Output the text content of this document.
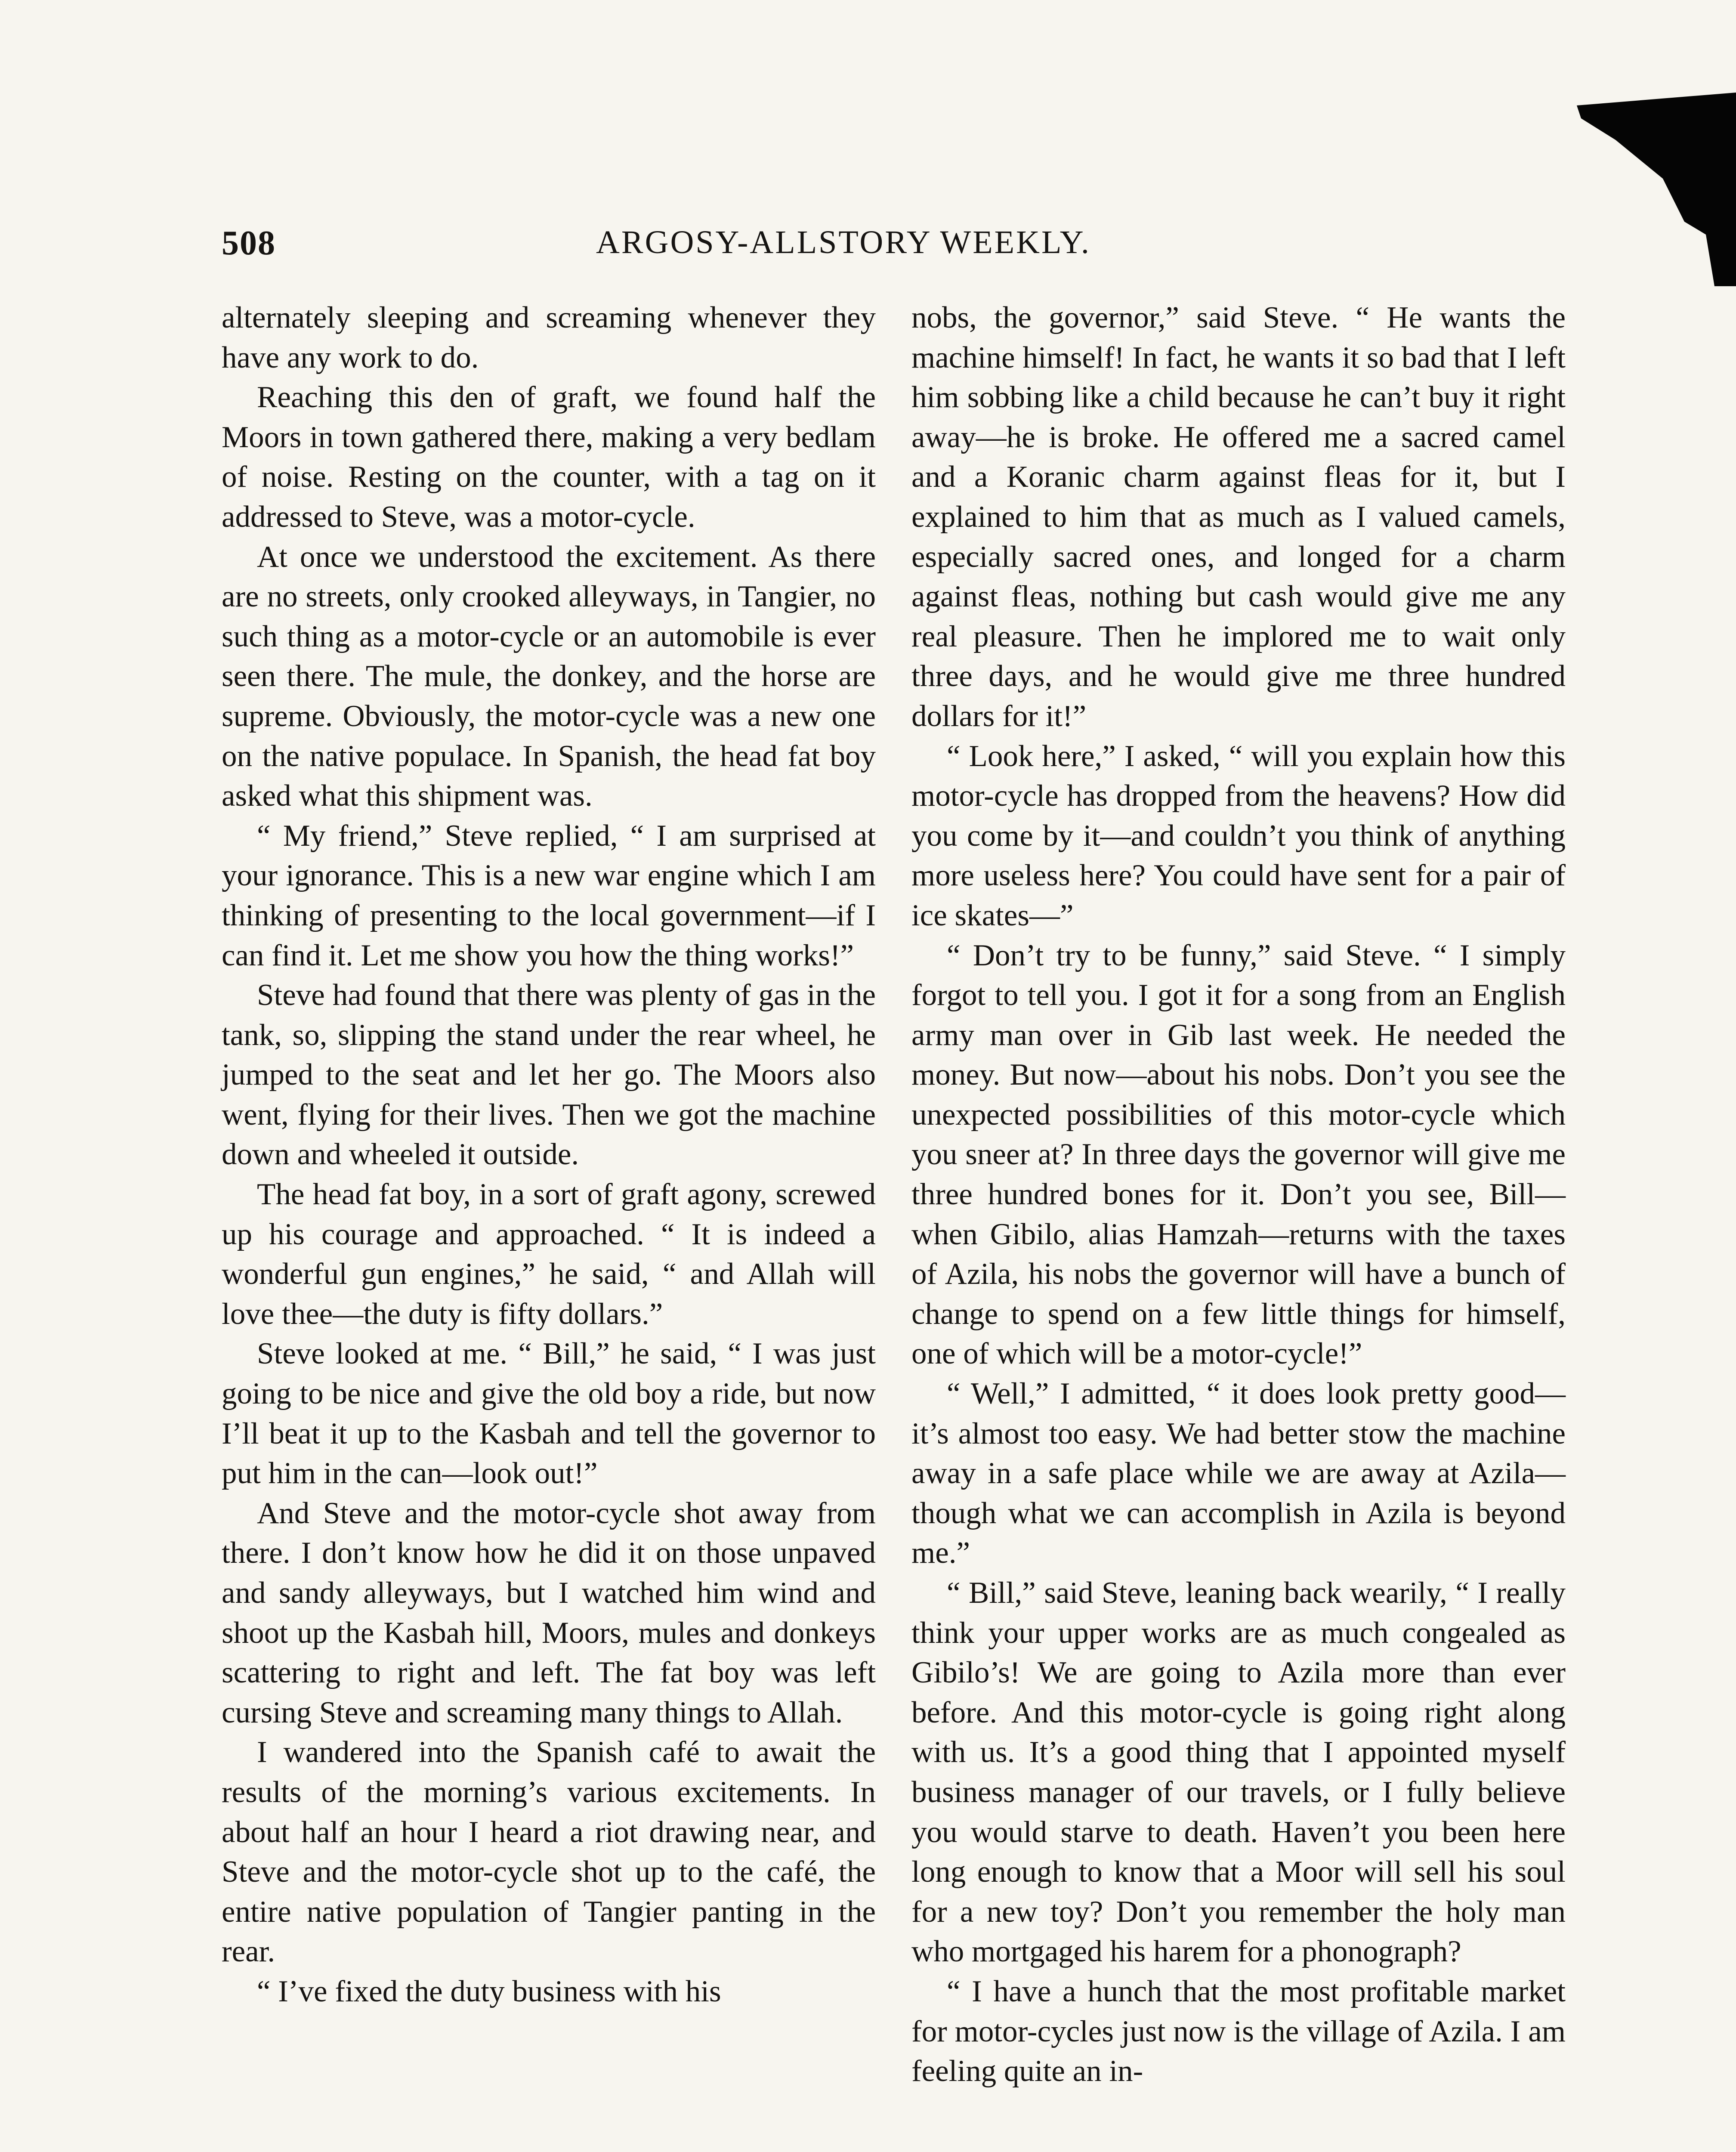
508	ARGOSY-ALLSTORY WEEKLY.

alternately sleeping and screaming whenever they have any work to do.

Reaching this den of graft, we found half the Moors in town gathered there, making a very bedlam of noise. Resting on the counter, with a tag on it addressed to Steve, was a motor-cycle.

At once we understood the excitement. As there are no streets, only crooked alleyways, in Tangier, no such thing as a motor-cycle or an automobile is ever seen there. The mule, the donkey, and the horse are supreme. Obviously, the motor-cycle was a new one on the native populace. In Spanish, the head fat boy asked what this shipment was.

“ My friend,” Steve replied, “ I am surprised at your ignorance. This is a new war engine which I am thinking of presenting to the local government—if I can find it. Let me show you how the thing works!”

Steve had found that there was plenty of gas in the tank, so, slipping the stand under the rear wheel, he jumped to the seat and let her go. The Moors also went, flying for their lives. Then we got the machine down and wheeled it outside.

The head fat boy, in a sort of graft agony, screwed up his courage and approached. “ It is indeed a wonderful gun engines,” he said, “ and Allah will love thee—the duty is fifty dollars.”

Steve looked at me. “ Bill,” he said, “ I was just going to be nice and give the old boy a ride, but now I’ll beat it up to the Kasbah and tell the governor to put him in the can—look out!”

And Steve and the motor-cycle shot away from there. I don’t know how he did it on those unpaved and sandy alleyways, but I watched him wind and shoot up the Kasbah hill, Moors, mules and donkeys scattering to right and left. The fat boy was left cursing Steve and screaming many things to Allah.

I wandered into the Spanish café to await the results of the morning’s various excitements. In about half an hour I heard a riot drawing near, and Steve and the motor-cycle shot up to the café, the entire native population of Tangier panting in the rear.

“ I’ve fixed the duty business with his

nobs, the governor,” said Steve. “ He wants the machine himself! In fact, he wants it so bad that I left him sobbing like a child because he can’t buy it right away—he is broke. He offered me a sacred camel and a Koranic charm against fleas for it, but I explained to him that as much as I valued camels, especially sacred ones, and longed for a charm against fleas, nothing but cash would give me any real pleasure. Then he implored me to wait only three days, and he would give me three hundred dollars for it!”

“ Look here,” I asked, “ will you explain how this motor-cycle has dropped from the heavens? How did you come by it—and couldn’t you think of anything more useless here? You could have sent for a pair of ice skates—”

“ Don’t try to be funny,” said Steve. “ I simply forgot to tell you. I got it for a song from an English army man over in Gib last week. He needed the money. But now—about his nobs. Don’t you see the unexpected possibilities of this motor-cycle which you sneer at? In three days the governor will give me three hundred bones for it. Don’t you see, Bill—when Gibilo, alias Hamzah—returns with the taxes of Azila, his nobs the governor will have a bunch of change to spend on a few little things for himself, one of which will be a motor-cycle!”

“ Well,” I admitted, “ it does look pretty good—it’s almost too easy. We had better stow the machine away in a safe place while we are away at Azila—though what we can accomplish in Azila is beyond me.”

“ Bill,” said Steve, leaning back wearily, “ I really think your upper works are as much congealed as Gibilo’s! We are going to Azila more than ever before. And this motor-cycle is going right along with us. It’s a good thing that I appointed myself business manager of our travels, or I fully believe you would starve to death. Haven’t you been here long enough to know that a Moor will sell his soul for a new toy? Don’t you remember the holy man who mortgaged his harem for a phonograph?

“ I have a hunch that the most profitable market for motor-cycles just now is the village of Azila. I am feeling quite an in-
